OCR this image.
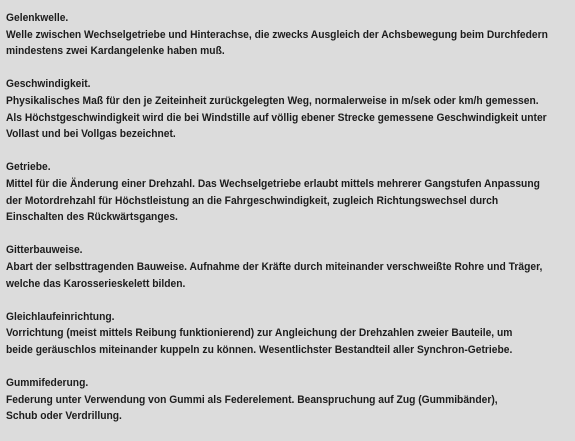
Gelenkwelle.

Welle zwischen Wechselgetriebe und Hinterachse, die zwecks Ausgleich der Achsbewegung beim Durchfedern

mindestens zwei Kardangelenke haben muß.

Geschwindigkeit.

Physikalisches Maß für den je Zeiteinheit zurückgelegten Weg, normalerweise in m/sek oder km/h gemessen.

Als Höchstgeschwindigkeit wird die bei Windstille auf völlig ebener Strecke gemessene Geschwindigkeit unter

Vollast und bei Vollgas bezeichnet.

Getriebe.

Mittel für die Änderung einer Drehzahl. Das Wechselgetriebe erlaubt mittels mehrerer Gangstufen Anpassung

der Motordrehzahl für Höchstleistung an die Fahrgeschwindigkeit, zugleich Richtungswechsel durch

Einschalten des Rückwärtsganges.

Gitterbauweise.

Abart der selbsttragenden Bauweise. Aufnahme der Kräfte durch miteinander verschweißte Rohre und Träger,

welche das Karosserieskelett bilden.

Gleichlaufeinrichtung.

Vorrichtung (meist mittels Reibung funktionierend) zur Angleichung der Drehzahlen zweier Bauteile, um

beide geräuschlos miteinander kuppeln zu können. Wesentlichster Bestandteil aller Synchron-Getriebe.

Gummifederung.

Federung unter Verwendung von Gummi als Federelement. Beanspruchung auf Zug (Gummibänder),

Schub oder Verdrillung.
